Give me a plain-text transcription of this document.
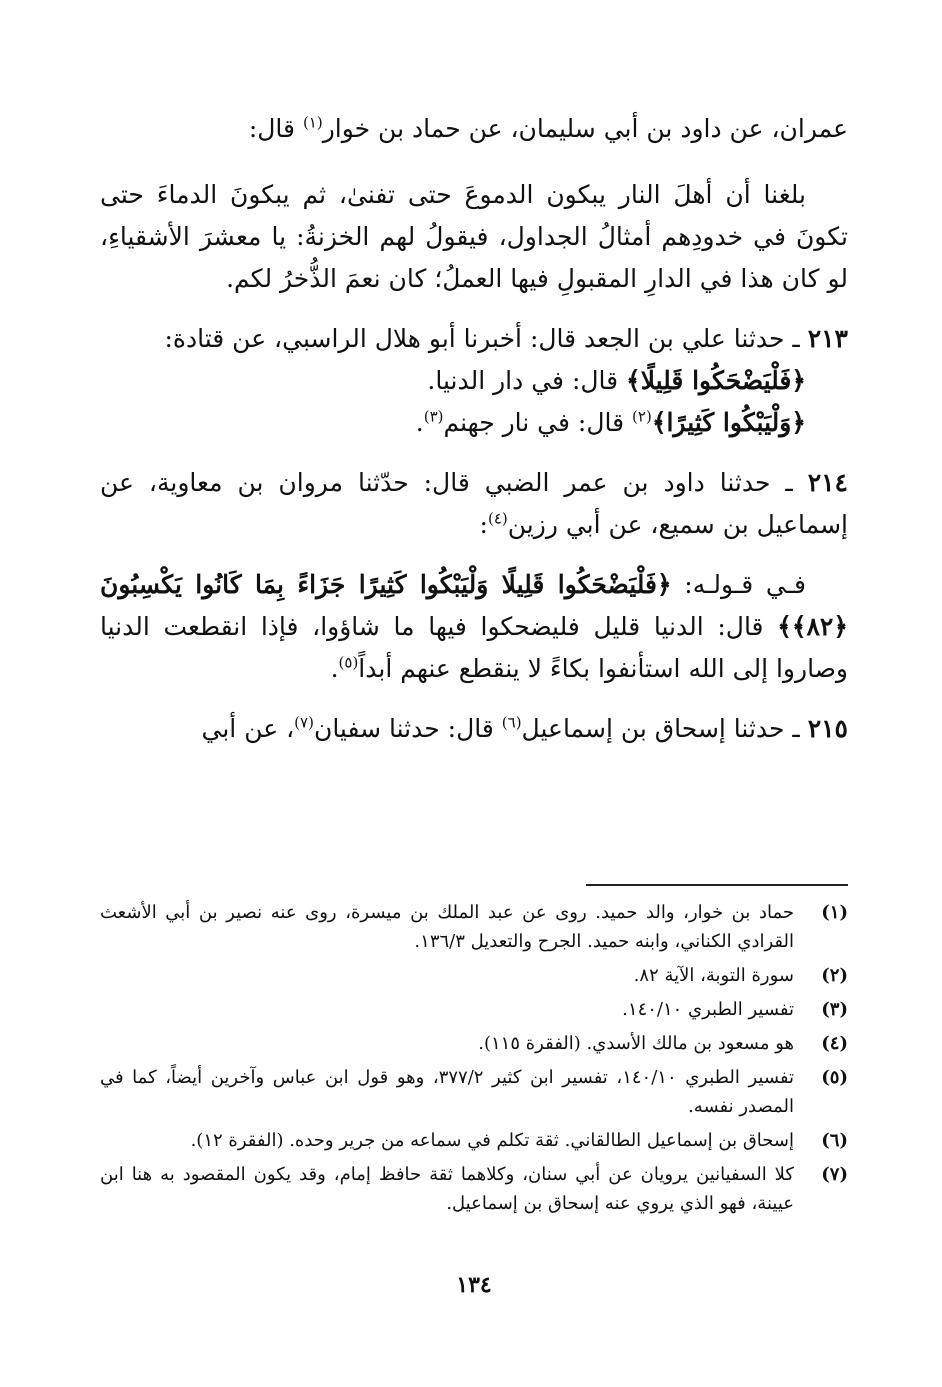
عمران، عن داود بن أبي سليمان، عن حماد بن خوار$^{(١)}$ قال:

بلغنا أن أهلَ النار يبكون الدموعَ حتى تفنىٰ، ثم يبكونَ الدماءَ حتى تكونَ في خدودِهم أمثالُ الجداول، فيقولُ لهم الخزنةُ: يا معشرَ الأشقياءِ، لو كان هذا في الدارِ المقبولِ فيها العملُ؛ كان نعمَ الذُّخرُ لكم.

٢١٣ ـ حدثنا علي بن الجعد قال: أخبرنا أبو هلال الراسبي، عن قتادة:

﴿فَلْيَضْحَكُوا قَلِيلًا﴾ قال: في دار الدنيا.

﴿وَلْيَبْكُوا كَثِيرًا﴾$^{(٢)}$ قال: في نار جهنم$^{(٣)}$.

٢١٤ ـ حدثنا داود بن عمر الضبي قال: حدّثنا مروان بن معاوية، عن إسماعيل بن سميع، عن أبي رزين$^{(٤)}$:

فـي قـولـه: ﴿فَلْيَضْحَكُوا قَلِيلًا وَلْيَبْكُوا كَثِيرًا جَزَاءً بِمَا كَانُوا يَكْسِبُونَ ﴿٨٢﴾﴾ قال: الدنيا قليل فليضحكوا فيها ما شاؤوا، فإذا انقطعت الدنيا وصاروا إلى الله استأنفوا بكاءً لا ينقطع عنهم أبداً$^{(٥)}$.

٢١٥ ـ حدثنا إسحاق بن إسماعيل$^{(٦)}$ قال: حدثنا سفيان$^{(٧)}$، عن أبي

(١)
حماد بن خوار، والد حميد. روى عن عبد الملك بن ميسرة، روى عنه نصير بن أبي الأشعث القرادي الكناني، وابنه حميد. الجرح والتعديل ١٣٦/٣.
(٢)
سورة التوبة، الآية ٨٢.
(٣)
تفسير الطبري ١٤٠/١٠.
(٤)
هو مسعود بن مالك الأسدي. (الفقرة ١١٥).
(٥)
تفسير الطبري ١٤٠/١٠، تفسير ابن كثير ٣٧٧/٢، وهو قول ابن عباس وآخرين أيضاً، كما في المصدر نفسه.
(٦)
إسحاق بن إسماعيل الطالقاني. ثقة تكلم في سماعه من جرير وحده. (الفقرة ١٢).
(٧)
كلا السفيانين يرويان عن أبي سنان، وكلاهما ثقة حافظ إمام، وقد يكون المقصود به هنا ابن عيينة، فهو الذي يروي عنه إسحاق بن إسماعيل.
١٣٤
